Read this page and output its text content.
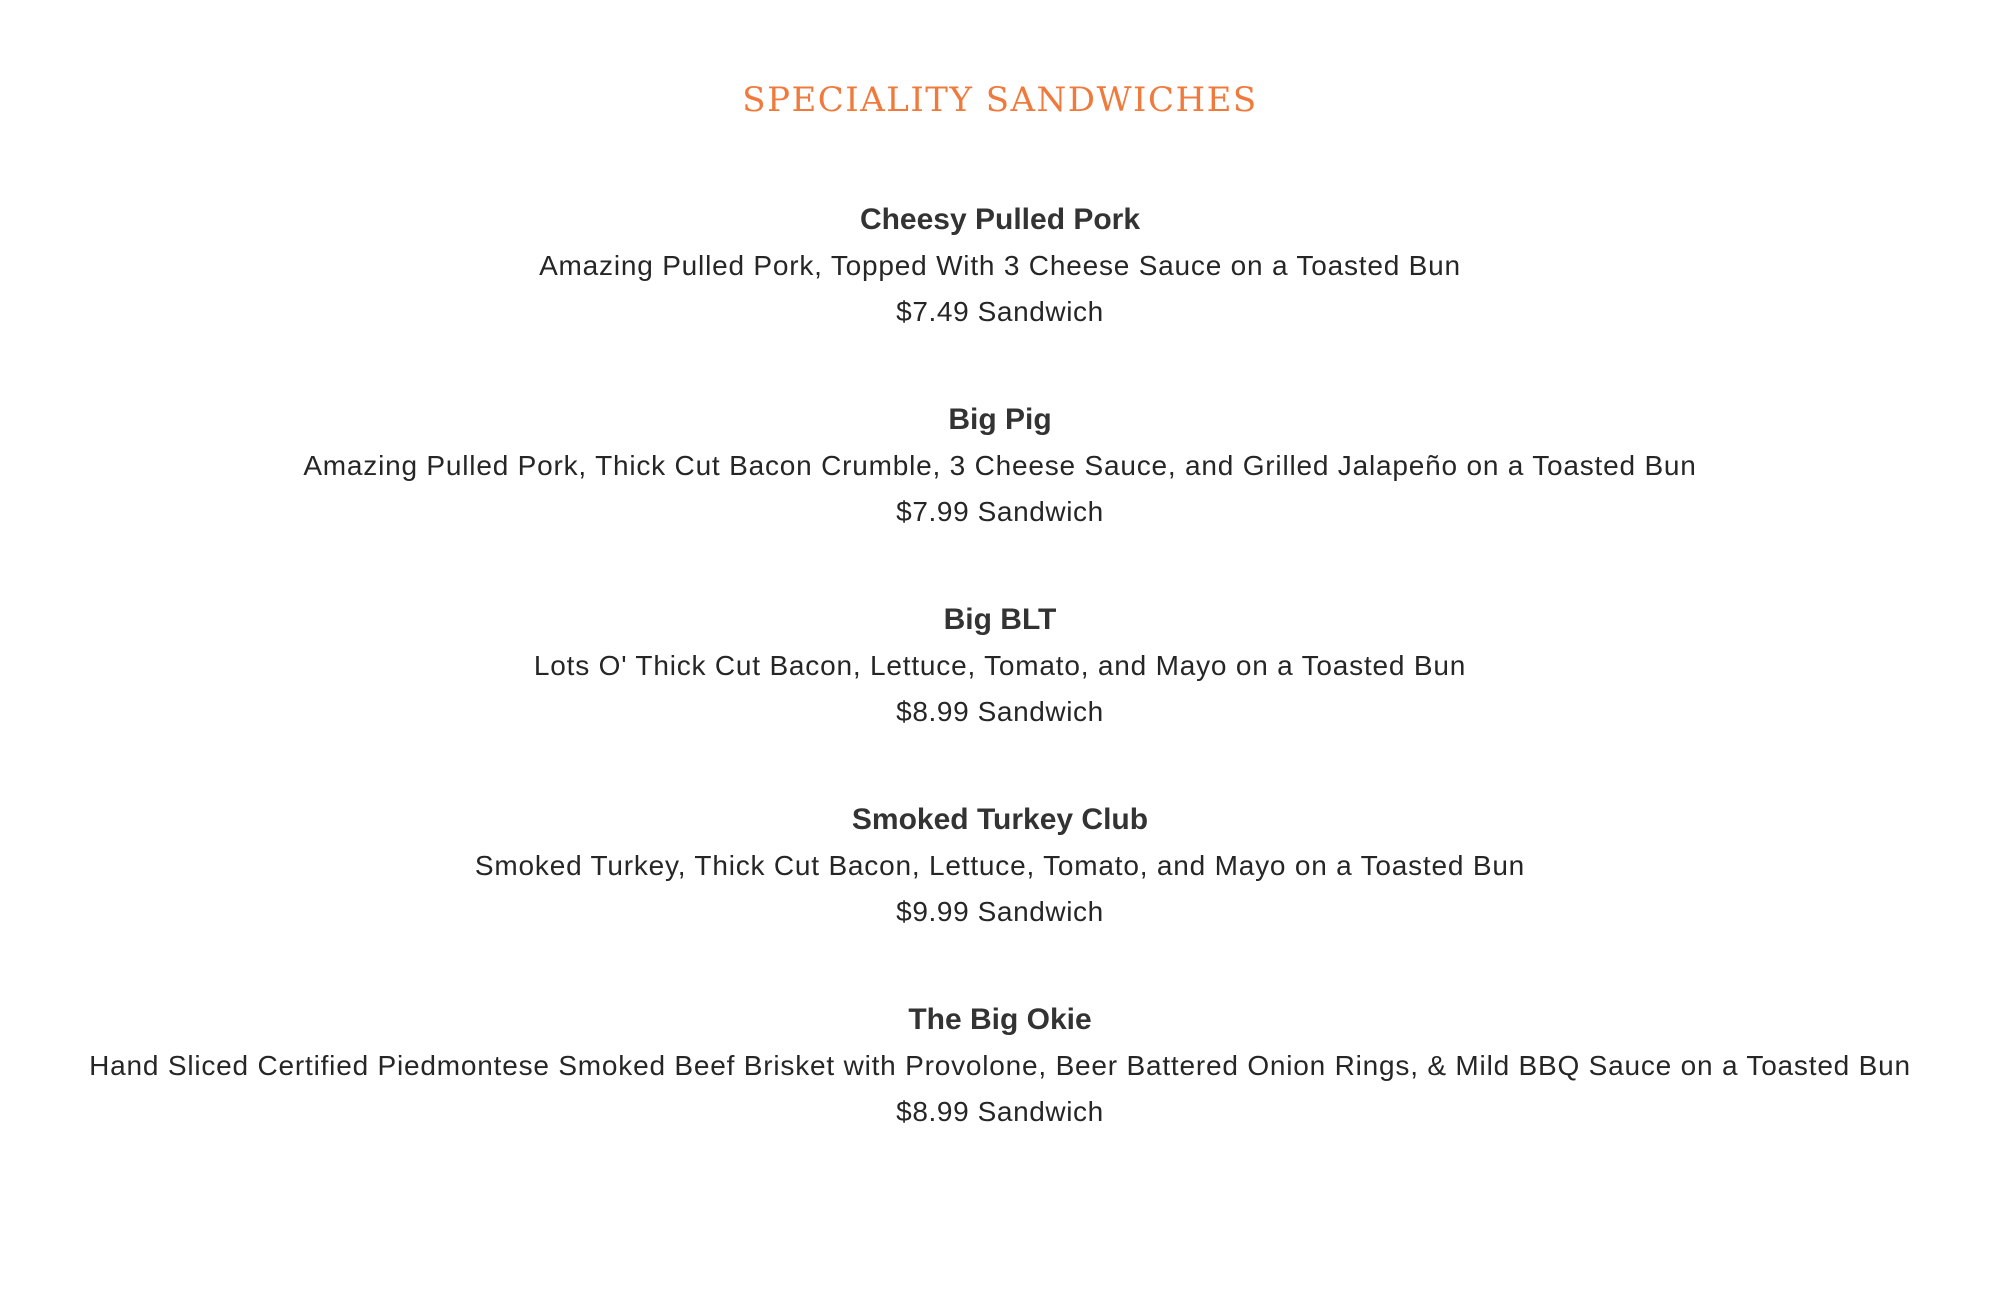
SPECIALITY SANDWICHES
Cheesy Pulled Pork

Amazing Pulled Pork, Topped With 3 Cheese Sauce on a Toasted Bun

$7.49 Sandwich

Big Pig

Amazing Pulled Pork, Thick Cut Bacon Crumble, 3 Cheese Sauce, and Grilled Jalapeño on a Toasted Bun

$7.99 Sandwich

Big BLT

Lots O' Thick Cut Bacon, Lettuce, Tomato, and Mayo on a Toasted Bun

$8.99 Sandwich

Smoked Turkey Club

Smoked Turkey, Thick Cut Bacon, Lettuce, Tomato, and Mayo on a Toasted Bun

$9.99 Sandwich

The Big Okie

Hand Sliced Certified Piedmontese Smoked Beef Brisket with Provolone, Beer Battered Onion Rings, & Mild BBQ Sauce on a Toasted Bun

$8.99 Sandwich
